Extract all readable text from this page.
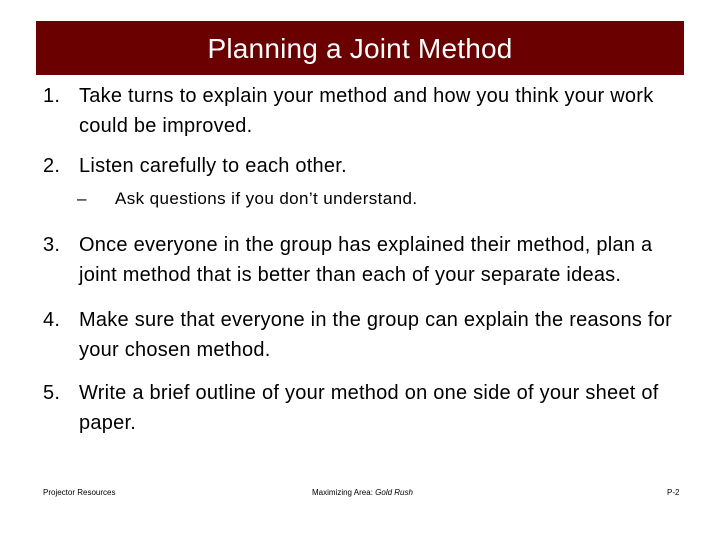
Planning a Joint Method
1. Take turns to explain your method and how you think your work could be improved.
2. Listen carefully to each other.
– Ask questions if you don’t understand.
3. Once everyone in the group has explained their method, plan a joint method that is better than each of your separate ideas.
4. Make sure that everyone in the group can explain the reasons for your chosen method.
5. Write a brief outline of your method on one side of your sheet of paper.
Projector Resources	Maximizing Area: Gold Rush	P-2
